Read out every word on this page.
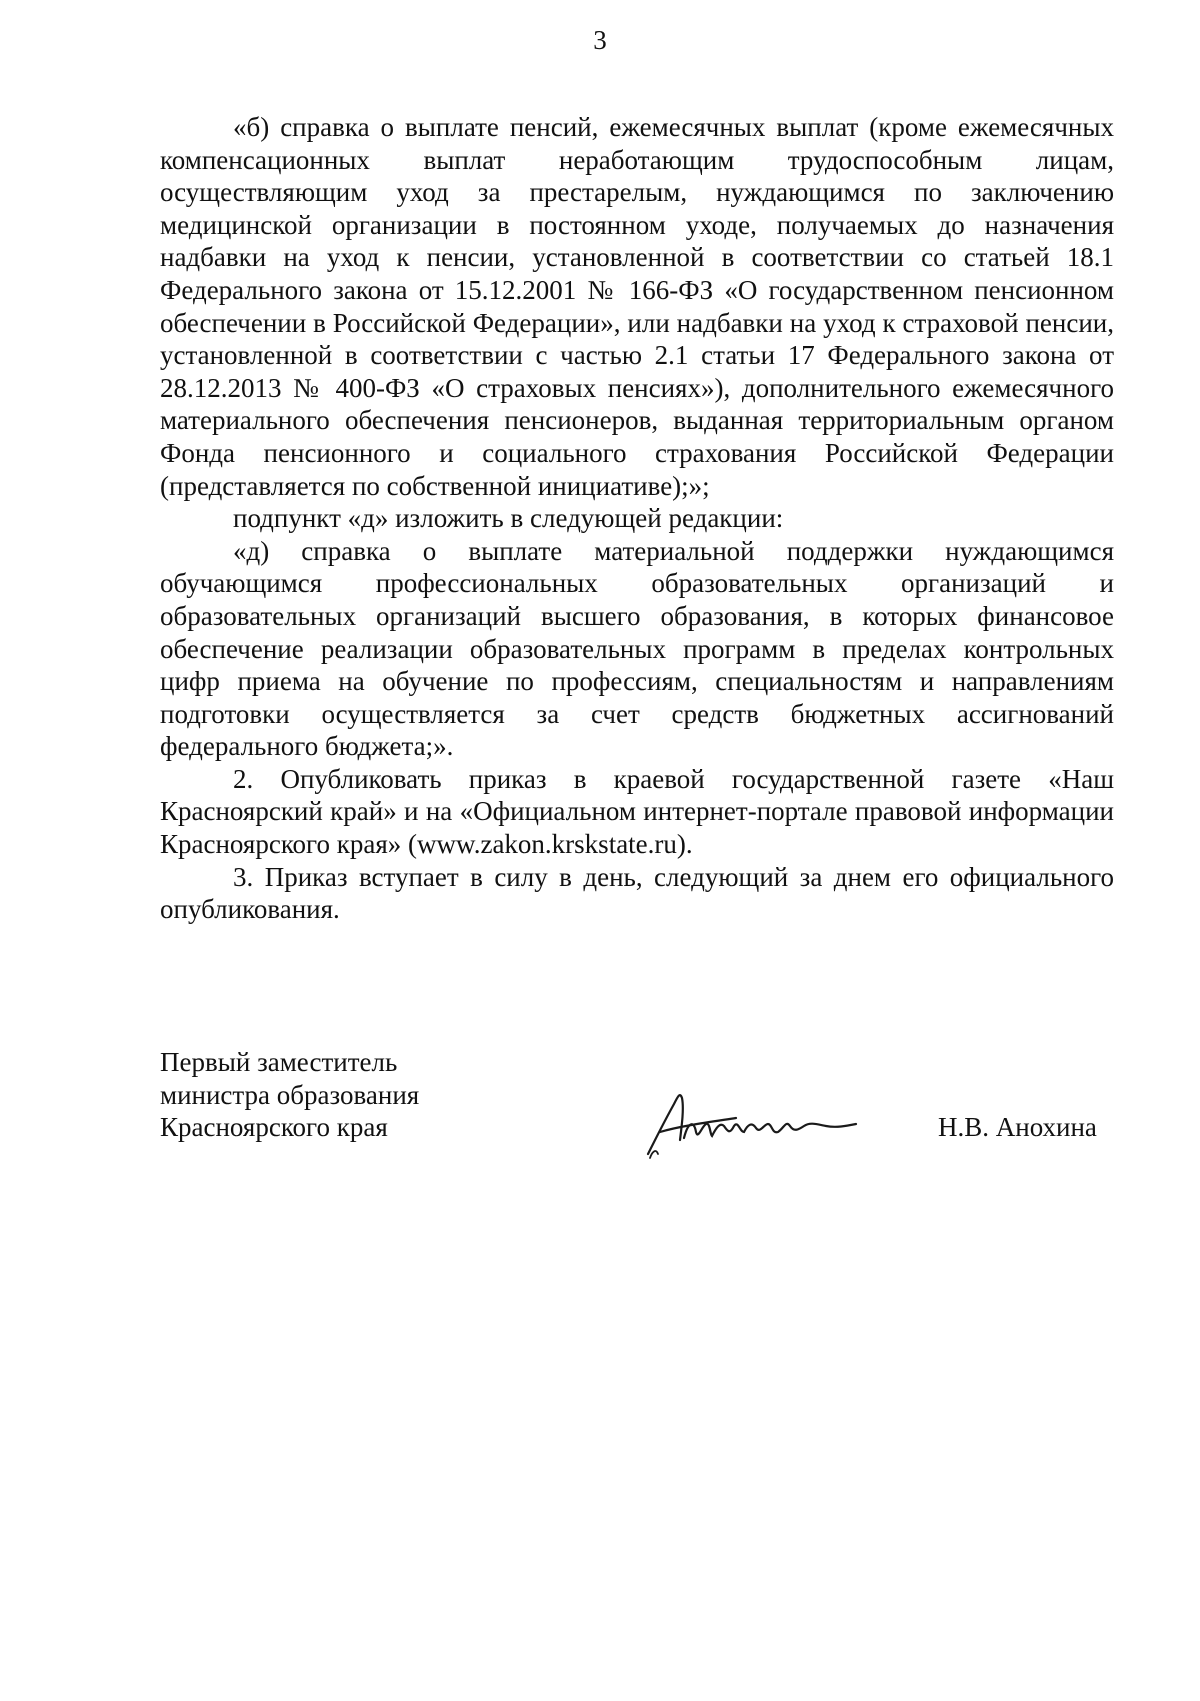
3

«б) справка о выплате пенсий, ежемесячных выплат (кроме ежемесячных компенсационных выплат неработающим трудоспособным лицам, осуществляющим уход за престарелым, нуждающимся по заключению медицинской организации в постоянном уходе, получаемых до назначения надбавки на уход к пенсии, установленной в соответствии со статьей 18.1 Федерального закона от 15.12.2001 № 166-ФЗ «О государственном пенсионном обеспечении в Российской Федерации», или надбавки на уход к страховой пенсии, установленной в соответствии с частью 2.1 статьи 17 Федерального закона от 28.12.2013 № 400-ФЗ «О страховых пенсиях»), дополнительного ежемесячного материального обеспечения пенсионеров, выданная территориальным органом Фонда пенсионного и социального страхования Российской Федерации (представляется по собственной инициативе);»;

подпункт «д» изложить в следующей редакции:

«д) справка о выплате материальной поддержки нуждающимся обучающимся профессиональных образовательных организаций и образовательных организаций высшего образования, в которых финансовое обеспечение реализации образовательных программ в пределах контрольных цифр приема на обучение по профессиям, специальностям и направлениям подготовки осуществляется за счет средств бюджетных ассигнований федерального бюджета;».

2. Опубликовать приказ в краевой государственной газете «Наш Красноярский край» и на «Официальном интернет-портале правовой информации Красноярского края» (www.zakon.krskstate.ru).

3. Приказ вступает в силу в день, следующий за днем его официального опубликования.

Первый заместитель
министра образования
Красноярского края	Н.В. Анохина
